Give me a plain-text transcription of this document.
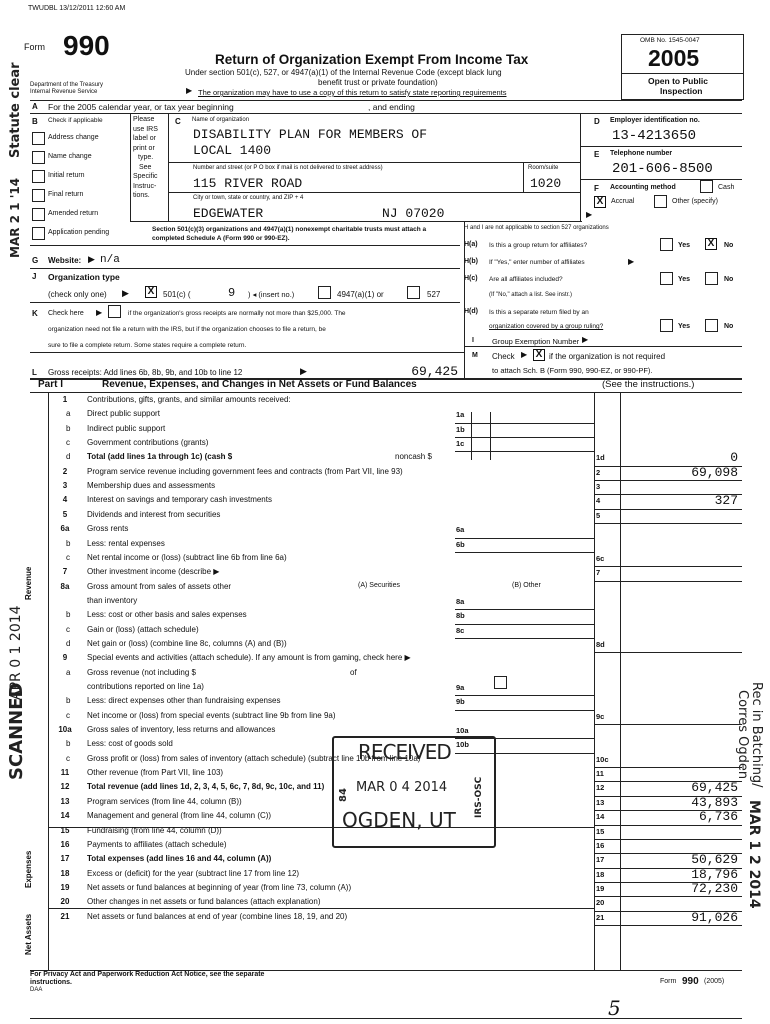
TWUDBL 13/12/2011 12:60 AM
Form 990
Department of the Treasury
Internal Revenue Service
Return of Organization Exempt From Income Tax
Under section 501(c), 527, or 4947(a)(1) of the Internal Revenue Code (except black lung
benefit trust or private foundation)
The organization may have to use a copy of this return to satisfy state reporting requirements
▶
OMB No. 1545-0047
2005
Open to Public
Inspection
A For the 2005 calendar year, or tax year beginning	, and ending
B Check if applicable
Address change
Name change
Initial return
Final return
Amended return
Application pending
Please
use IRS
label or
print or
type.
See
Specific
Instruc-
tions.
C Name of organization
DISABILITY PLAN FOR MEMBERS OF
LOCAL 1400
Number and street (or P O box if mail is not delivered to street address)	Room/suite
115 RIVER ROAD	1020
City or town, state or country, and ZIP + 4
EDGEWATER	NJ 07020
D Employer identification no.
13-4213650
E Telephone number
201-606-8500
F Accounting method	Cash
X	Accrual	Other (specify)
▶
Section 501(c)(3) organizations and 4947(a)(1) nonexempt charitable trusts must attach a completed Schedule A (Form 990 or 990-EZ).
H and I are not applicable to section 527 organizations
H(a) Is this a group return for affiliates?	Yes X	No
H(b) If "Yes," enter number of affiliates	▶
H(c) Are all affiliates included?	Yes	No
(If "No," attach a list. See instr.)
H(d) Is this a separate return filed by an
organization covered by a group ruling?	Yes	No
I Group Exemption Number ▶
M Check ▶ X if the organization is not required
to attach Sch. B (Form 990, 990-EZ, or 990-PF).
G Website: ▶ n/a
J Organization type
(check only one) ▶ X	501(c) (	9 ) ◂ (insert no.)	4947(a)(1) or	527
K Check here ▶	if the organization's gross receipts are normally not more than $25,000. The
organization need not file a return with the IRS, but if the organization chooses to file a return, be
sure to file a complete return. Some states require a complete return.
L Gross receipts: Add lines 6b, 8b, 9b, and 10b to line 12	▶	69,425
Part I	Revenue, Expenses, and Changes in Net Assets or Fund Balances	(See the instructions.)
Revenue
Expenses
Net Assets
1	Contributions, gifts, grants, and similar amounts received:
a Direct public support	1a
b Indirect public support	1b
c Government contributions (grants)	1c
d Total (add lines 1a through 1c) (cash $	noncash $	1d	0
2	Program service revenue including government fees and contracts (from Part VII, line 93)	2	69,098
3	Membership dues and assessments	3
4	Interest on savings and temporary cash investments	4	327
5	Dividends and interest from securities	5
6a	Gross rents	6a
b Less: rental expenses	6b
c Net rental income or (loss) (subtract line 6b from line 6a)	6c
7	Other investment income (describe ▶	7
8a	Gross amount from sales of assets other	(A) Securities	(B) Other
than inventory	8a
b Less: cost or other basis and sales expenses	8b
c Gain or (loss) (attach schedule)	8c
d Net gain or (loss) (combine line 8c, columns (A) and (B))	8d
9	Special events and activities (attach schedule). If any amount is from gaming, check here ▶
a Gross revenue (not including $	of
contributions reported on line 1a)	9a
b Less: direct expenses other than fundraising expenses	9b
c Net income or (loss) from special events (subtract line 9b from line 9a)	9c
10a Gross sales of inventory, less returns and allowances	10a
b Less: cost of goods sold	10b
c Gross profit or (loss) from sales of inventory (attach schedule) (subtract line 10b from line 10a)	10c
11	Other revenue (from Part VII, line 103)	11
12	Total revenue (add lines 1d, 2, 3, 4, 5, 6c, 7, 8d, 9c, 10c, and 11)	12	69,425
13	Program services (from line 44, column (B))	13	43,893
14	Management and general (from line 44, column (C))	14	6,736
15	Fundraising (from line 44, column (D))	15
16	Payments to affiliates (attach schedule)	16
17	Total expenses (add lines 16 and 44, column (A))	17	50,629
18	Excess or (deficit) for the year (subtract line 17 from line 12)	18	18,796
19	Net assets or fund balances at beginning of year (from line 73, column (A))	19	72,230
20	Other changes in net assets or fund balances (attach explanation)	20
21	Net assets or fund balances at end of year (combine lines 18, 19, and 20)	21	91,026
For Privacy Act and Paperwork Reduction Act Notice, see the separate
instructions.
DAA
Form 990 (2005)
5
Statute clear
MAR 2 1 '14
SCANNED
APR 0 1 2014
RECEIVED
MAR 0 4 2014
OGDEN, UT
IRS-OSC
84
Rec in Batching/
Corres Ogden
MAR 1 2 2014
